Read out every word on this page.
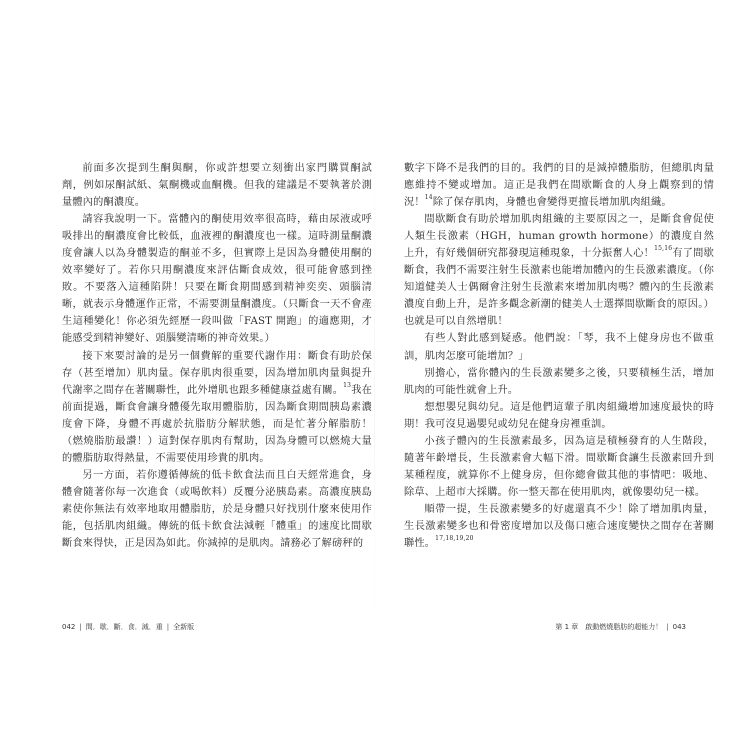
前面多次提到生酮與酮，你或許想要立刻衝出家門購買酮試劑，例如尿酮試紙、氣酮機或血酮機。但我的建議是不要執著於測量體內的酮濃度。

請容我說明一下。當體內的酮使用效率很高時，藉由尿液或呼吸排出的酮濃度會比較低，血液裡的酮濃度也一樣。這時測量酮濃度會讓人以為身體製造的酮並不多，但實際上是因為身體使用酮的效率變好了。若你只用酮濃度來評估斷食成效，很可能會感到挫敗。不要落入這種陷阱！只要在斷食期間感到精神奕奕、頭腦清晰，就表示身體運作正常，不需要測量酮濃度。（只斷食一天不會產生這種變化！你必須先經歷一段叫做「FAST 開跑」的適應期，才能感受到精神變好、頭腦變清晰的神奇效果。）

接下來要討論的是另一個費解的重要代謝作用：斷食有助於保存（甚至增加）肌肉量。保存肌肉很重要，因為增加肌肉量與提升代謝率之間存在著關聯性，此外增肌也跟多種健康益處有關。$^{13}$我在前面提過，斷食會讓身體優先取用體脂肪，因為斷食期間胰島素濃度會下降，身體不再處於抗脂肪分解狀態，而是忙著分解脂肪！（燃燒脂肪最讚！）這對保存肌肉有幫助，因為身體可以燃燒大量的體脂肪取得熱量，不需要使用珍貴的肌肉。

另一方面，若你遵循傳統的低卡飲食法而且白天經常進食，身體會隨著你每一次進食（或喝飲料）反覆分泌胰島素。高濃度胰島素使你無法有效率地取用體脂肪，於是身體只好找別什麼來使用作能，包括肌肉組織。傳統的低卡飲食法減輕「體重」的速度比間歇斷食來得快，正是因為如此。你減掉的是肌肉。請務必了解磅秤的

數字下降不是我們的目的。我們的目的是減掉體脂肪，但總肌肉量應維持不變或增加。這正是我們在間歇斷食的人身上觀察到的情況！$^{14}$除了保存肌肉，身體也會變得更擅長增加肌肉組織。

間歇斷食有助於增加肌肉組織的主要原因之一，是斷食會促使人類生長激素（HGH，human growth hormone）的濃度自然上升，有好幾個研究都發現這種現象，十分振奮人心！$^{15,16}$有了間歇斷食，我們不需要注射生長激素也能增加體內的生長激素濃度。（你知道健美人士偶爾會注射生長激素來增加肌肉嗎？體內的生長激素濃度自動上升，是許多觀念新潮的健美人士選擇間歇斷食的原因。）也就是可以自然增肌！

有些人對此感到疑惑。他們說：「琴，我不上健身房也不做重訓，肌肉怎麼可能增加？」

別擔心，當你體內的生長激素變多之後，只要積極生活，增加肌肉的可能性就會上升。

想想嬰兒與幼兒。這是他們這輩子肌肉組織增加速度最快的時期！我可沒見過嬰兒或幼兒在健身房裡重訓。

小孩子體內的生長激素最多，因為這是積極發育的人生階段，隨著年齡增長，生長激素會大幅下滑。間歇斷食讓生長激素回升到某種程度，就算你不上健身房，但你總會做其他的事情吧：吸地、除草、上超市大採購。你一整天都在使用肌肉，就像嬰幼兒一樣。

順帶一提，生長激素變多的好處還真不少！除了增加肌肉量，生長激素變多也和骨密度增加以及傷口癒合速度變快之間存在著關聯性。$^{17,18,19,20}$

042 | 間．歇．斷．食．減．重 | 全新版	第 1 章　啟動燃燒脂肪的超能力！ | 043
